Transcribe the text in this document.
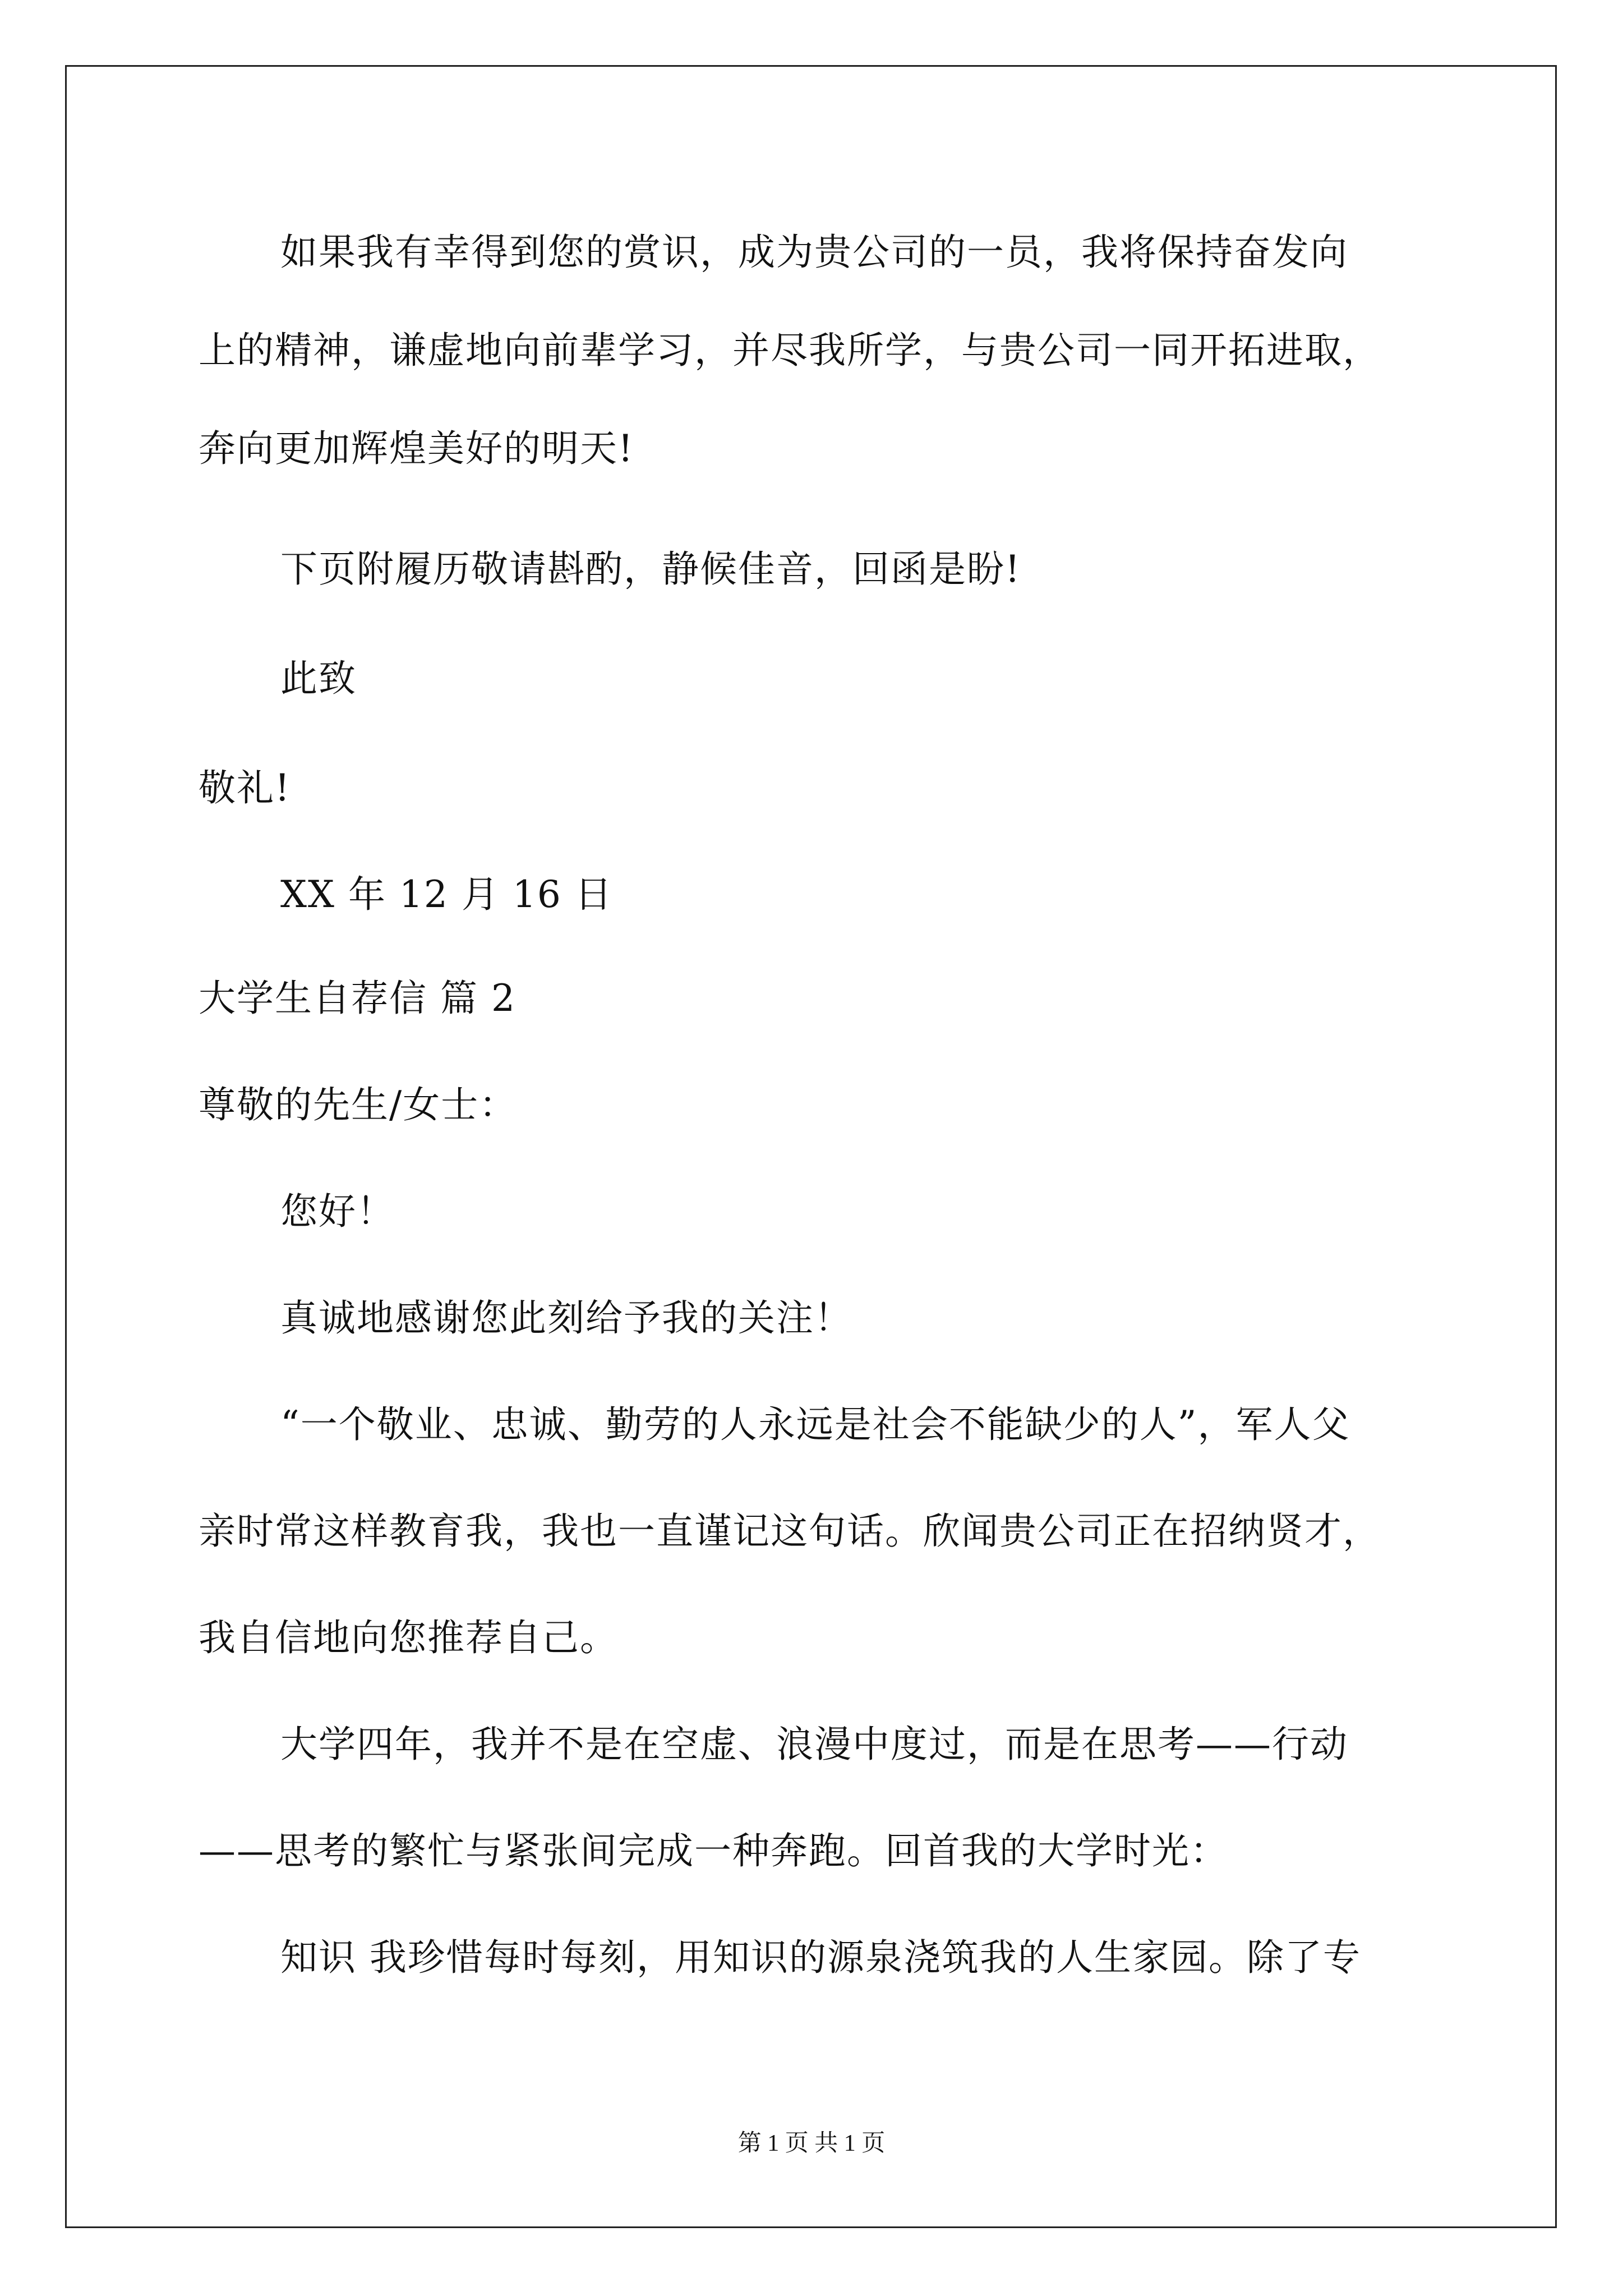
如果我有幸得到您的赏识，成为贵公司的一员，我将保持奋发向
上的精神，谦虚地向前辈学习，并尽我所学，与贵公司一同开拓进取，
奔向更加辉煌美好的明天!
下页附履历敬请斟酌，静候佳音，回函是盼!
此致
敬礼!
XX 年 12 月 16 日
大学生自荐信 篇 2
尊敬的先生/女士：
您好！
真诚地感谢您此刻给予我的关注！
“一个敬业、忠诚、勤劳的人永远是社会不能缺少的人”，军人父
亲时常这样教育我，我也一直谨记这句话。欣闻贵公司正在招纳贤才，
我自信地向您推荐自己。
大学四年，我并不是在空虚、浪漫中度过，而是在思考——行动
——思考的繁忙与紧张间完成一种奔跑。回首我的大学时光：
知识 我珍惜每时每刻，用知识的源泉浇筑我的人生家园。除了专
第 1 页 共 1 页
